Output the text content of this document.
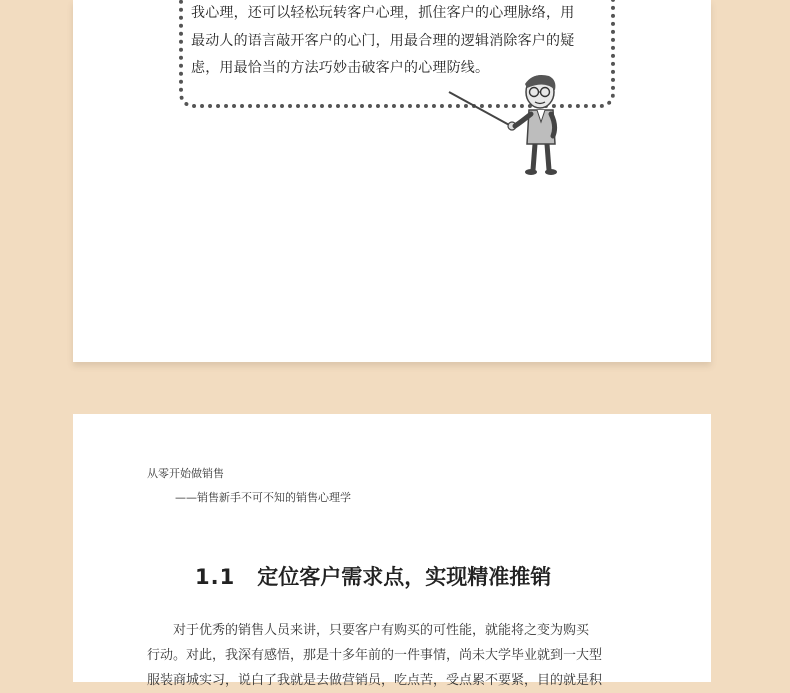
我心理，还可以轻松玩转客户心理，抓住客户的心理脉络，用

最动人的语言敲开客户的心门，用最合理的逻辑消除客户的疑

虑，用最恰当的方法巧妙击破客户的心理防线。

从零开始做销售
——销售新手不可不知的销售心理学
1.1 定位客户需求点，实现精准推销

　　对于优秀的销售人员来讲，只要客户有购买的可性能，就能将之变为购买

行动。对此，我深有感悟，那是十多年前的一件事情，尚未大学毕业就到一大型

服装商城实习，说白了我就是去做营销员，吃点苦，受点累不要紧，目的就是积
